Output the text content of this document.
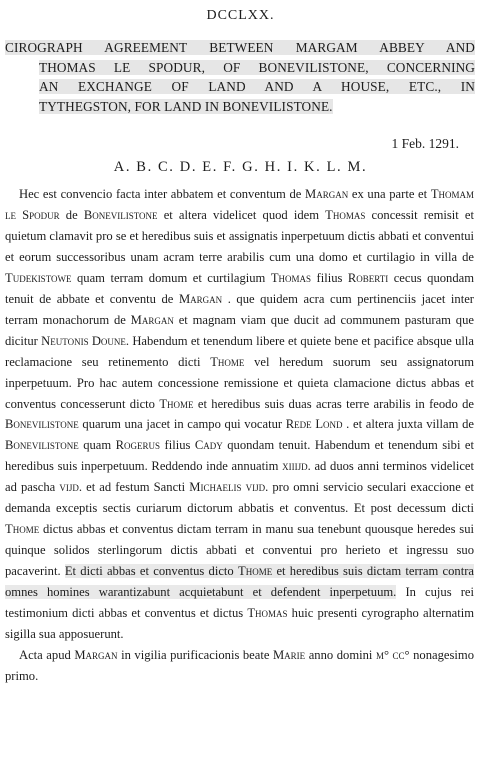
DCCLXX.
CIROGRAPH AGREEMENT BETWEEN MARGAM ABBEY AND
THOMAS LE SPODUR, OF BONEVILISTONE, CONCERNING
AN EXCHANGE OF LAND AND A HOUSE, ETC., IN
TYTHEGSTON, FOR LAND IN BONEVILISTONE.
1 Feb. 1291.
A. B. C. D. E. F. G. H. I. K. L. M.

Hec est convencio facta inter abbatem et conventum de Margan ex una parte et Thomam le Spodur de Bonevilistone et altera videlicet quod idem Thomas concessit remisit et quietum clamavit pro se et heredibus suis et assignatis inperpetuum dictis abbati et conventui et eorum successoribus unam acram terre arabilis cum una domo et curtilagio in villa de Tudekistowe quam terram domum et curtilagium Thomas filius Roberti cecus quondam tenuit de abbate et conventu de Margan . que quidem acra cum pertinenciis jacet inter terram monachorum de Margan et magnam viam que ducit ad communem pasturam que dicitur Neutonis Doune. Habendum et tenendum libere et quiete bene et pacifice absque ulla reclamacione seu retinemento dicti Thome vel heredum suorum seu assignatorum inperpetuum. Pro hac autem concessione remissione et quieta clamacione dictus abbas et conventus concesserunt dicto Thome et heredibus suis duas acras terre arabilis in feodo de Bonevilistone quarum una jacet in campo qui vocatur Rede Lond . et altera juxta villam de Bonevilistone quam Rogerus filius Cady quondam tenuit. Habendum et tenendum sibi et heredibus suis inperpetuum. Reddendo inde annuatim xiiijd. ad duos anni terminos videlicet ad pascha vijd. et ad festum Sancti Michaelis vijd. pro omni servicio seculari exaccione et demanda exceptis sectis curiarum dictorum abbatis et conventus. Et post decessum dicti Thome dictus abbas et conventus dictam terram in manu sua tenebunt quousque heredes sui quinque solidos sterlingorum dictis abbati et conventui pro herieto et ingressu suo pacaverint. Et dicti abbas et conventus dicto Thome et heredibus suis dictam terram contra omnes homines warantizabunt acquietabunt et defendent inperpetuum. In cujus rei testimonium dicti abbas et conventus et dictus Thomas huic presenti cyrographo alternatim sigilla sua apposuerunt.

Acta apud Margan in vigilia purificacionis beate Marie anno domini m° cc° nonagesimo primo.
